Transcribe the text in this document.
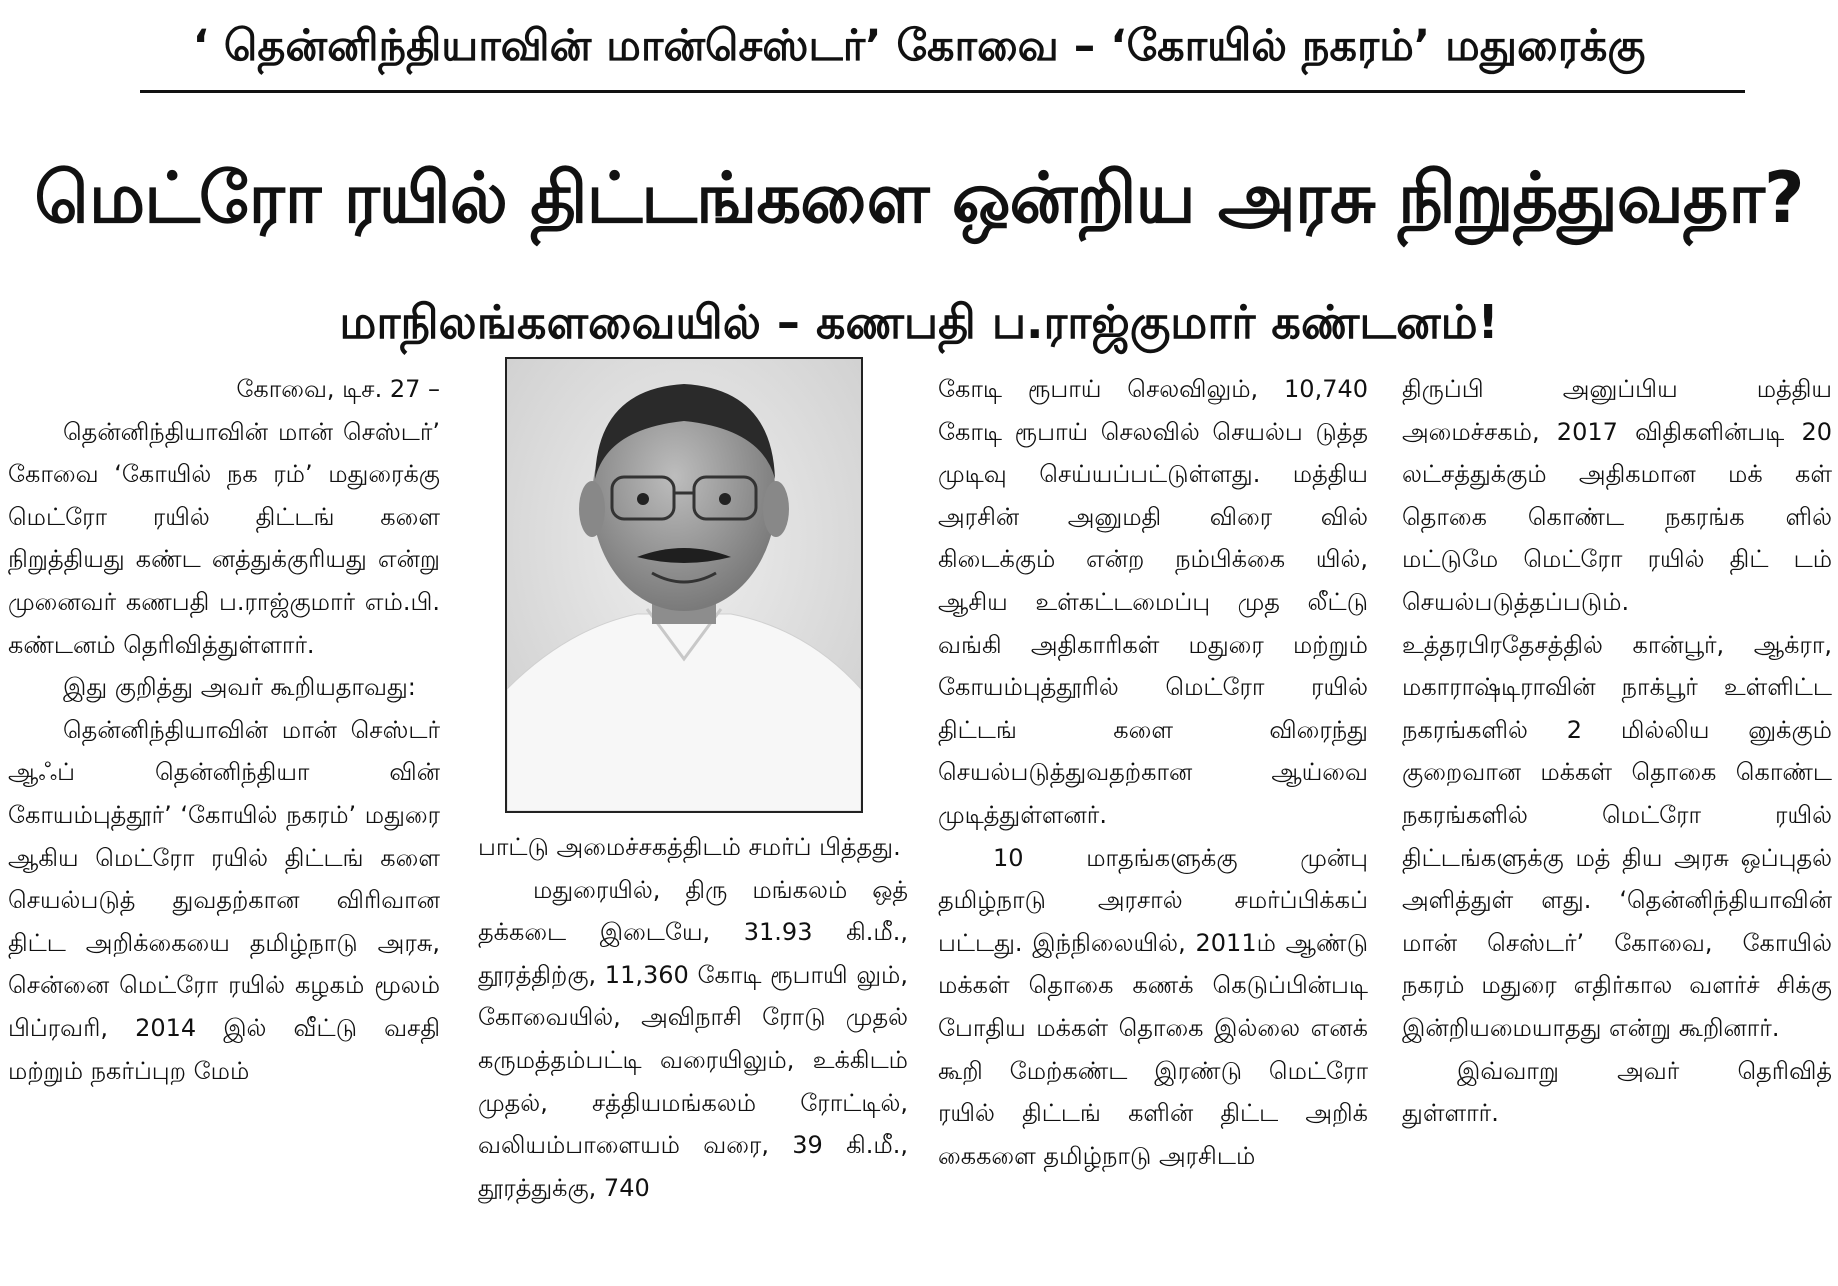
‘ தென்னிந்தியாவின் மான்செஸ்டர்’ கோவை – ‘கோயில் நகரம்’ மதுரைக்கு
மெட்ரோ ரயில் திட்டங்களை ஒன்றிய அரசு நிறுத்துவதா?
மாநிலங்களவையில் – கணபதி ப.ராஜ்குமார் கண்டனம்!

கோவை, டிச. 27 –

தென்னிந்தியாவின் மான் செஸ்டர்’ கோவை ‘கோயில் நக ரம்’ மதுரைக்கு மெட்ரோ ரயில் திட்டங் களை நிறுத்தியது கண்ட னத்துக்குரியது என்று முனைவர் கணபதி ப.ராஜ்குமார் எம்.பி. கண்டனம் தெரிவித்துள்ளார்.

இது குறித்து அவர் கூறியதாவது:

தென்னிந்தியாவின் மான் செஸ்டர் ஆஃப் தென்னிந்தியா வின் கோயம்புத்தூர்’ ‘கோயில் நகரம்’ மதுரை ஆகிய மெட்ரோ ரயில் திட்டங் களை செயல்படுத் துவதற்கான விரிவான திட்ட அறிக்கையை தமிழ்நாடு அரசு, சென்னை மெட்ரோ ரயில் கழகம் மூலம் பிப்ரவரி, 2014 இல் வீட்டு வசதி மற்றும் நகர்ப்புற மேம்

பாட்டு அமைச்சகத்திடம் சமர்ப் பித்தது.

மதுரையில், திரு மங்கலம் ஒத் தக்கடை இடையே, 31.93 கி.மீ., தூரத்திற்கு, 11,360 கோடி ரூபாயி லும், கோவையில், அவிநாசி ரோடு முதல் கருமத்தம்பட்டி வரையிலும், உக்கிடம் முதல், சத்தியமங்கலம் ரோட்டில், வலியம்பாளையம் வரை, 39 கி.மீ., தூரத்துக்கு, 740

கோடி ரூபாய் செலவிலும், 10,740 கோடி ரூபாய் செலவில் செயல்ப டுத்த முடிவு செய்யப்பட்டுள்ளது. மத்திய அரசின் அனுமதி விரை வில் கிடைக்கும் என்ற நம்பிக்கை யில், ஆசிய உள்கட்டமைப்பு முத லீட்டு வங்கி அதிகாரிகள் மதுரை மற்றும் கோயம்புத்தூரில் மெட்ரோ ரயில் திட்டங் களை விரைந்து செயல்படுத்துவதற்கான ஆய்வை முடித்துள்ளனர்.

10 மாதங்களுக்கு முன்பு தமிழ்நாடு அரசால் சமர்ப்பிக்கப் பட்டது. இந்நிலையில், 2011ம் ஆண்டு மக்கள் தொகை கணக் கெடுப்பின்படி போதிய மக்கள் தொகை இல்லை எனக் கூறி மேற்கண்ட இரண்டு மெட்ரோ ரயில் திட்டங் களின் திட்ட அறிக் கைகளை தமிழ்நாடு அரசிடம்

திருப்பி அனுப்பிய மத்திய அமைச்சகம், 2017 விதிகளின்படி 20 லட்சத்துக்கும் அதிகமான மக் கள் தொகை கொண்ட நகரங்க ளில் மட்டுமே மெட்ரோ ரயில் திட் டம் செயல்படுத்தப்படும். உத்தரபிரதேசத்தில் கான்பூர், ஆக்ரா, மகாராஷ்டிராவின் நாக்பூர் உள்ளிட்ட நகரங்களில் 2 மில்லிய னுக்கும் குறைவான மக்கள் தொகை கொண்ட நகரங்களில் மெட்ரோ ரயில் திட்டங்களுக்கு மத் திய அரசு ஒப்புதல் அளித்துள் ளது. ‘தென்னிந்தியாவின் மான் செஸ்டர்’ கோவை, கோயில் நகரம் மதுரை எதிர்கால வளர்ச் சிக்கு இன்றியமையாதது என்று கூறினார்.

இவ்வாறு அவர் தெரிவித் துள்ளார்.
